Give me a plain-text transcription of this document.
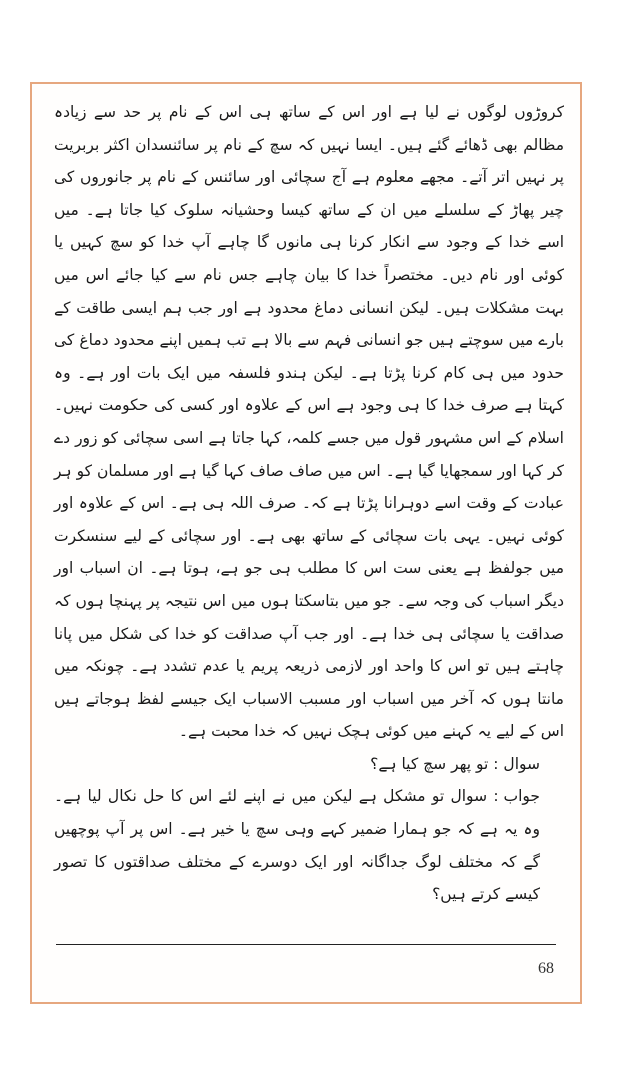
کروڑوں لوگوں نے لیا ہے اور اس کے ساتھ ہی اس کے نام پر حد سے زیادہ مظالم بھی ڈھائے گئے ہیں۔ ایسا نہیں کہ سچ کے نام پر سائنسدان اکثر بربریت پر نہیں اتر آتے۔ مجھے معلوم ہے آج سچائی اور سائنس کے نام پر جانوروں کی چیر پھاڑ کے سلسلے میں ان کے ساتھ کیسا وحشیانہ سلوک کیا جاتا ہے۔ میں اسے خدا کے وجود سے انکار کرنا ہی مانوں گا چاہے آپ خدا کو سچ کہیں یا کوئی اور نام دیں۔ مختصراً خدا کا بیان چاہے جس نام سے کیا جائے اس میں بہت مشکلات ہیں۔ لیکن انسانی دماغ محدود ہے اور جب ہم ایسی طاقت کے بارے میں سوچتے ہیں جو انسانی فہم سے بالا ہے تب ہمیں اپنے محدود دماغ کی حدود میں ہی کام کرنا پڑتا ہے۔ لیکن ہندو فلسفہ میں ایک بات اور ہے۔ وہ کہتا ہے صرف خدا کا ہی وجود ہے اس کے علاوہ اور کسی کی حکومت نہیں۔ اسلام کے اس مشہور قول میں جسے کلمہ، کہا جاتا ہے اسی سچائی کو زور دے کر کہا اور سمجھایا گیا ہے۔ اس میں صاف صاف کہا گیا ہے اور مسلمان کو ہر عبادت کے وقت اسے دوہرانا پڑتا ہے کہ۔ صرف اللہ ہی ہے۔ اس کے علاوہ اور کوئی نہیں۔ یہی بات سچائی کے ساتھ بھی ہے۔ اور سچائی کے لیے سنسکرت میں جولفظ ہے یعنی ست اس کا مطلب ہی جو ہے، ہوتا ہے۔ ان اسباب اور دیگر اسباب کی وجہ سے۔ جو میں بتاسکتا ہوں میں اس نتیجہ پر پہنچا ہوں کہ صداقت یا سچائی ہی خدا ہے۔ اور جب آپ صداقت کو خدا کی شکل میں پانا چاہتے ہیں تو اس کا واحد اور لازمی ذریعہ پریم یا عدم تشدد ہے۔ چونکہ میں مانتا ہوں کہ آخر میں اسباب اور مسبب الاسباب ایک جیسے لفظ ہوجاتے ہیں اس کے لیے یہ کہنے میں کوئی ہچک نہیں کہ خدا محبت ہے۔

سوال : تو پھر سچ کیا ہے؟

جواب : سوال تو مشکل ہے لیکن میں نے اپنے لئے اس کا حل نکال لیا ہے۔ وہ یہ ہے کہ جو ہمارا ضمیر کہے وہی سچ یا خیر ہے۔ اس پر آپ پوچھیں گے کہ مختلف لوگ جداگانہ اور ایک دوسرے کے مختلف صداقتوں کا تصور کیسے کرتے ہیں؟

68
